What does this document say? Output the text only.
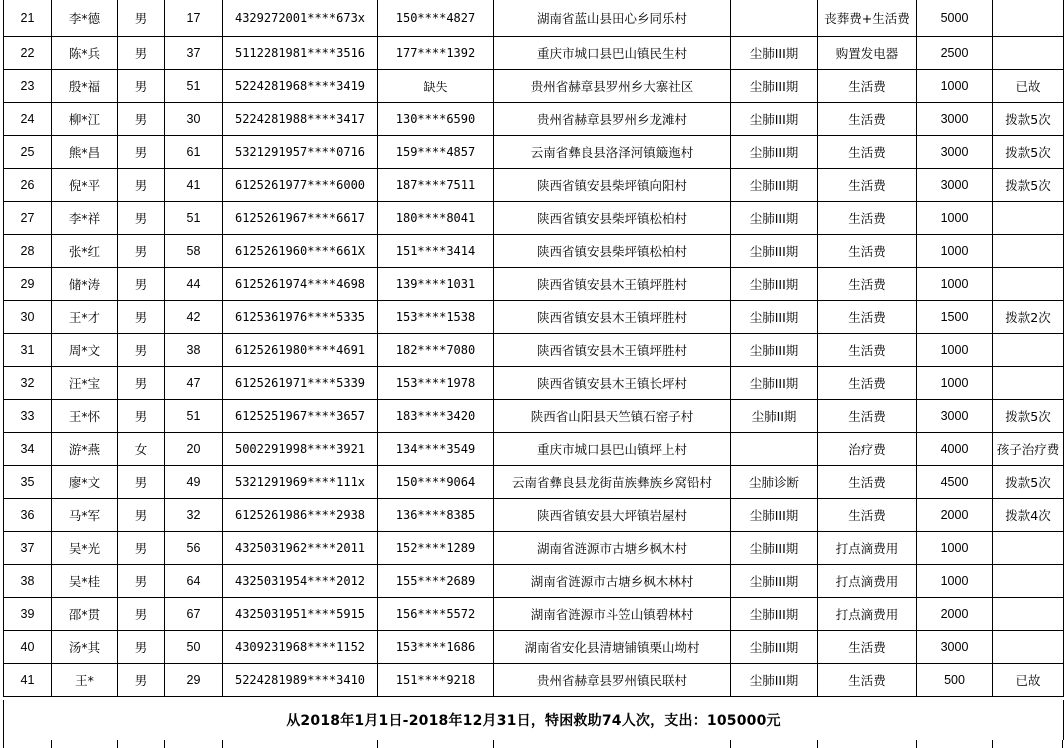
21	李*德	男	17	4329272001****673x	150****4827	湖南省蓝山县田心乡同乐村		丧葬费+生活费	5000	
22	陈*兵	男	37	5112281981****3516	177****1392	重庆市城口县巴山镇民生村	尘肺III期	购置发电器	2500	
23	殷*福	男	51	5224281968****3419	缺失	贵州省赫章县罗州乡大寨社区	尘肺III期	生活费	1000	已故
24	柳*江	男	30	5224281988****3417	130****6590	贵州省赫章县罗州乡龙滩村	尘肺III期	生活费	3000	拨款5次
25	熊*昌	男	61	5321291957****0716	159****4857	云南省彝良县洛泽河镇簸迤村	尘肺III期	生活费	3000	拨款5次
26	倪*平	男	41	6125261977****6000	187****7511	陕西省镇安县柴坪镇向阳村	尘肺III期	生活费	3000	拨款5次
27	李*祥	男	51	6125261967****6617	180****8041	陕西省镇安县柴坪镇松柏村	尘肺III期	生活费	1000	
28	张*红	男	58	6125261960****661X	151****3414	陕西省镇安县柴坪镇松柏村	尘肺III期	生活费	1000	
29	储*涛	男	44	6125261974****4698	139****1031	陕西省镇安县木王镇坪胜村	尘肺III期	生活费	1000	
30	王*才	男	42	6125361976****5335	153****1538	陕西省镇安县木王镇坪胜村	尘肺III期	生活费	1500	拨款2次
31	周*文	男	38	6125261980****4691	182****7080	陕西省镇安县木王镇坪胜村	尘肺III期	生活费	1000	
32	汪*宝	男	47	6125261971****5339	153****1978	陕西省镇安县木王镇长坪村	尘肺III期	生活费	1000	
33	王*怀	男	51	6125251967****3657	183****3420	陕西省山阳县天竺镇石窑子村	尘肺II期	生活费	3000	拨款5次
34	游*燕	女	20	5002291998****3921	134****3549	重庆市城口县巴山镇坪上村		治疗费	4000	孩子治疗费
35	廖*文	男	49	5321291969****111x	150****9064	云南省彝良县龙街苗族彝族乡窝铅村	尘肺诊断	生活费	4500	拨款5次
36	马*军	男	32	6125261986****2938	136****8385	陕西省镇安县大坪镇岩屋村	尘肺III期	生活费	2000	拨款4次
37	吴*光	男	56	4325031962****2011	152****1289	湖南省涟源市古塘乡枫木村	尘肺III期	打点滴费用	1000	
38	吴*桂	男	64	4325031954****2012	155****2689	湖南省涟源市古塘乡枫木林村	尘肺III期	打点滴费用	1000	
39	邵*贯	男	67	4325031951****5915	156****5572	湖南省涟源市斗笠山镇碧林村	尘肺III期	打点滴费用	2000	
40	汤*其	男	50	4309231968****1152	153****1686	湖南省安化县清塘铺镇栗山坳村	尘肺III期	生活费	3000	
41	王*	男	29	5224281989****3410	151****9218	贵州省赫章县罗州镇民联村	尘肺III期	生活费	500	已故
从2018年1月1日-2018年12月31日，特困救助74人次，支出：105000元
